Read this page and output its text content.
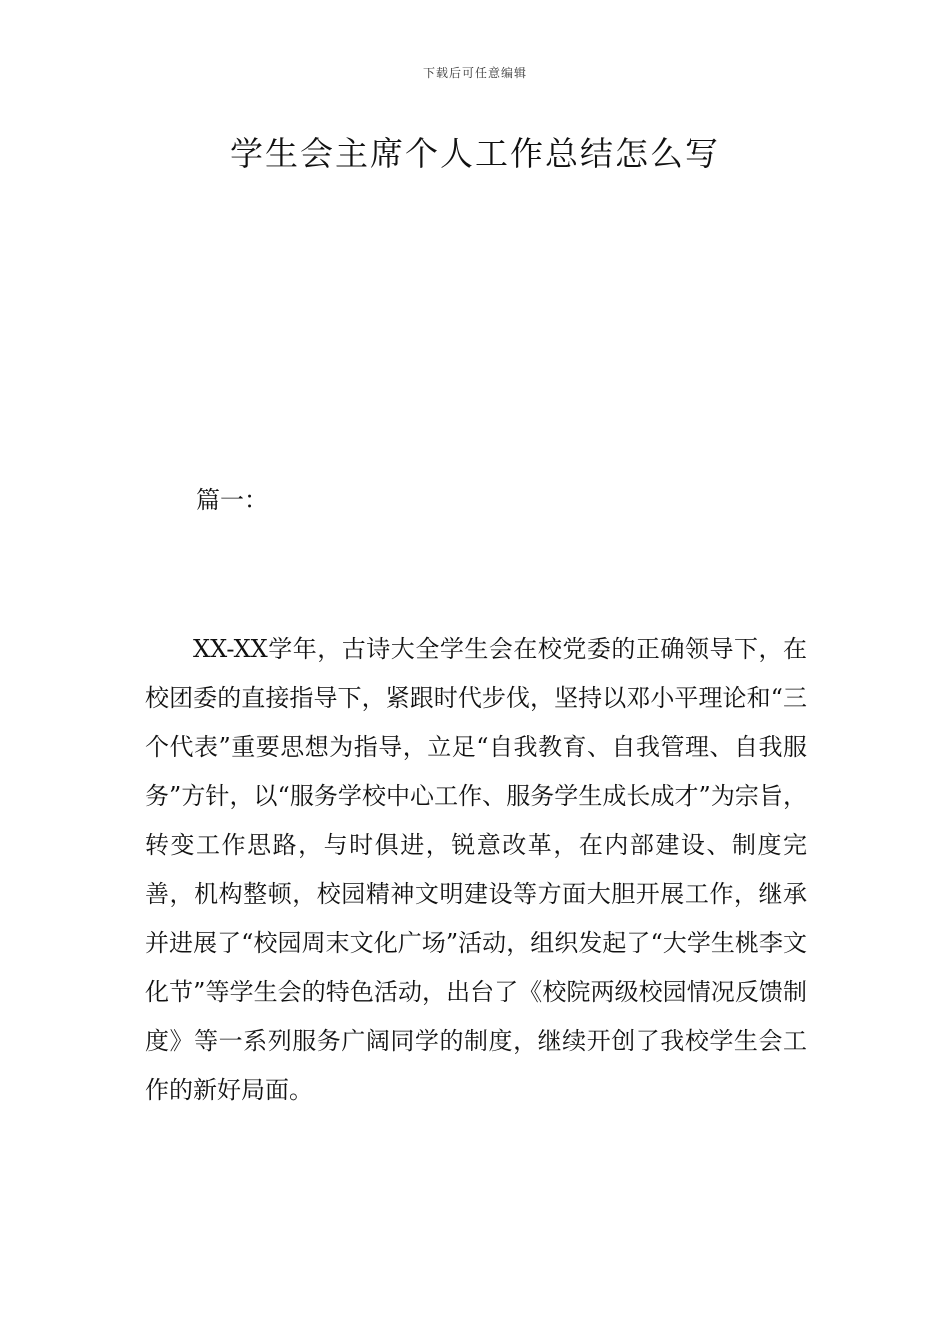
下载后可任意编辑
学生会主席个人工作总结怎么写

篇一：

XX-XX学年，古诗大全学生会在校党委的正确领导下，在校团委的直接指导下，紧跟时代步伐，坚持以邓小平理论和“三个代表”重要思想为指导，立足“自我教育、自我管理、自我服务”方针，以“服务学校中心工作、服务学生成长成才”为宗旨，转变工作思路，与时俱进，锐意改革，在内部建设、制度完善，机构整顿，校园精神文明建设等方面大胆开展工作，继承并进展了“校园周末文化广场”活动，组织发起了“大学生桃李文化节”等学生会的特色活动，出台了《校院两级校园情况反馈制度》等一系列服务广阔同学的制度，继续开创了我校学生会工作的新好局面。
